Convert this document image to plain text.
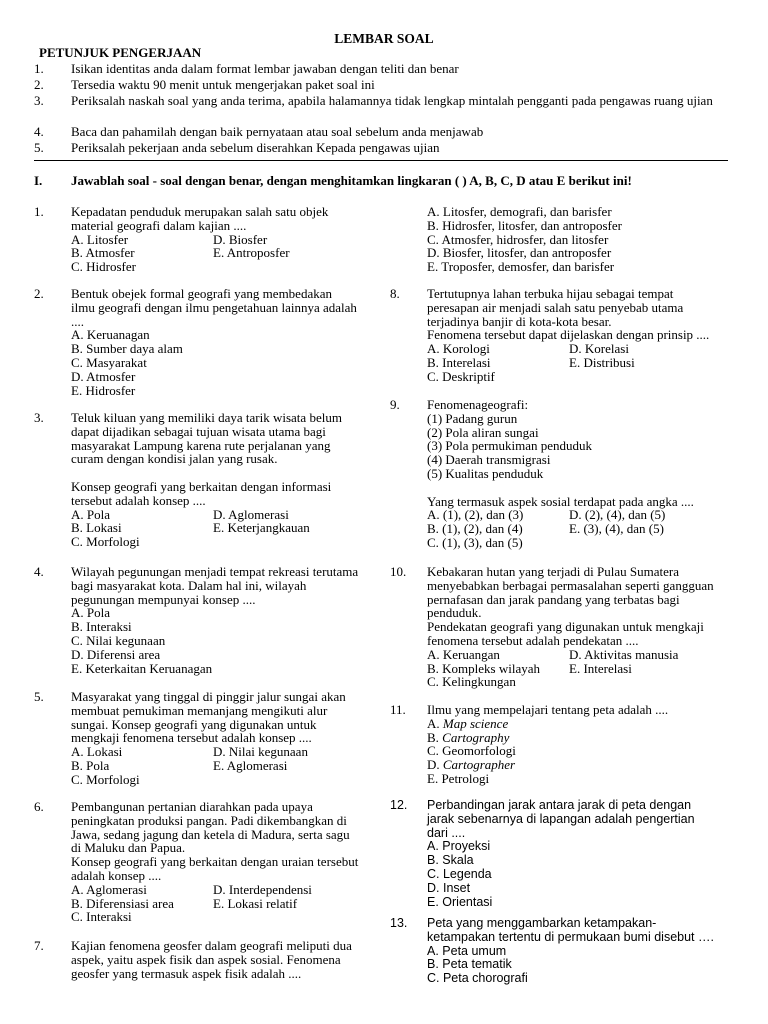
LEMBAR SOAL
PETUNJUK PENGERJAAN
1. Isikan identitas anda dalam format lembar jawaban dengan teliti dan benar
2. Tersedia waktu 90 menit untuk mengerjakan paket soal ini
3. Periksalah naskah soal yang anda terima, apabila halamannya tidak lengkap mintalah pengganti pada pengawas ruang ujian
4. Baca dan pahamilah dengan baik pernyataan atau soal sebelum anda menjawab
5. Periksalah pekerjaan anda sebelum diserahkan Kepada pengawas ujian
I. Jawablah soal - soal dengan benar, dengan menghitamkan lingkaran ( ) A, B, C, D atau E berikut ini!
1. Kepadatan penduduk merupakan salah satu objek
material geografi dalam kajian ....
A. Litosfer	D. Biosfer
B. Atmosfer	E. Antroposfer
C. Hidrosfer
2. Bentuk obejek formal geografi yang membedakan
ilmu geografi dengan ilmu pengetahuan lainnya adalah
....
A. Keruanagan
B. Sumber daya alam
C. Masyarakat
D. Atmosfer
E. Hidrosfer
3. Teluk kiluan yang memiliki daya tarik wisata belum
dapat dijadikan sebagai tujuan wisata utama bagi
masyarakat Lampung karena rute perjalanan yang
curam dengan kondisi jalan yang rusak.

Konsep geografi yang berkaitan dengan informasi
tersebut adalah konsep ....
A. Pola	D. Aglomerasi
B. Lokasi	E. Keterjangkauan
C. Morfologi
4. Wilayah pegunungan menjadi tempat rekreasi terutama
bagi masyarakat kota. Dalam hal ini, wilayah
pegunungan mempunyai konsep ....
A. Pola
B. Interaksi
C. Nilai kegunaan
D. Diferensi area
E. Keterkaitan Keruanagan
5. Masyarakat yang tinggal di pinggir jalur sungai akan
membuat pemukiman memanjang mengikuti alur
sungai. Konsep geografi yang digunakan untuk
mengkaji fenomena tersebut adalah konsep ....
A. Lokasi	D. Nilai kegunaan
B. Pola	E. Aglomerasi
C. Morfologi
6. Pembangunan pertanian diarahkan pada upaya
peningkatan produksi pangan. Padi dikembangkan di
Jawa, sedang jagung dan ketela di Madura, serta sagu
di Maluku dan Papua.
Konsep geografi yang berkaitan dengan uraian tersebut
adalah konsep ....
A. Aglomerasi	D. Interdependensi
B. Diferensiasi area	E. Lokasi relatif
C. Interaksi
7. Kajian fenomena geosfer dalam geografi meliputi dua
aspek, yaitu aspek fisik dan aspek sosial. Fenomena
geosfer yang termasuk aspek fisik adalah ....
A. Litosfer, demografi, dan barisfer
B. Hidrosfer, litosfer, dan antroposfer
C. Atmosfer, hidrosfer, dan litosfer
D. Biosfer, litosfer, dan antroposfer
E. Troposfer, demosfer, dan barisfer
8. Tertutupnya lahan terbuka hijau sebagai tempat
peresapan air menjadi salah satu penyebab utama
terjadinya banjir di kota-kota besar.
Fenomena tersebut dapat dijelaskan dengan prinsip ....
A. Korologi	D. Korelasi
B. Interelasi	E. Distribusi
C. Deskriptif
9. Fenomenageografi:
(1) Padang gurun
(2) Pola aliran sungai
(3) Pola permukiman penduduk
(4) Daerah transmigrasi
(5) Kualitas penduduk

Yang termasuk aspek sosial terdapat pada angka ....
A. (1), (2), dan (3)	D. (2), (4), dan (5)
B. (1), (2), dan (4)	E. (3), (4), dan (5)
C. (1), (3), dan (5)
10. Kebakaran hutan yang terjadi di Pulau Sumatera
menyebabkan berbagai permasalahan seperti gangguan
pernafasan dan jarak pandang yang terbatas bagi
penduduk.
Pendekatan geografi yang digunakan untuk mengkaji
fenomena tersebut adalah pendekatan ....
A. Keruangan	D. Aktivitas manusia
B. Kompleks wilayah	E. Interelasi
C. Kelingkungan
11. Ilmu yang mempelajari tentang peta adalah ....
A. Map science
B. Cartography
C. Geomorfologi
D. Cartographer
E. Petrologi
12. Perbandingan jarak antara jarak di peta dengan
jarak sebenarnya di lapangan adalah pengertian
dari ....
A. Proyeksi
B. Skala
C. Legenda
D. Inset
E. Orientasi
13. Peta yang menggambarkan ketampakan-
ketampakan tertentu di permukaan bumi disebut ….
A. Peta umum
B. Peta tematik
C. Peta chorografi
